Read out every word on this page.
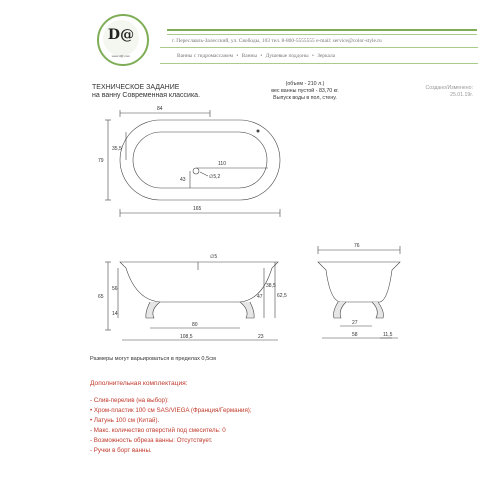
D@
www.d@.com
г. Переславль-Залесский, ул. Свободы, 103 тел. 8-800-5555555 e-mail: service@color-style.ru
Ванны с гидромассажем • Ванны • Душевые поддоны • Зеркала
ТЕХНИЧЕСКОЕ ЗАДАНИЕ
на ванну Современная классика.
(объем - 210 л.)
вес ванны пустой - 83,70 кг.
Выпуск воды в пол, стену.
Создано/Изменено:
25.01.19г.
84
79
35,5
110
43	∅5,2
165
∅5
65
56
14
38,5
47	62,5
80
108,5	23
76
27
58	11,5
Размеры могут варьироваться в пределах 0,5см
Дополнительная комплектация:
- Слив-перелив (на выбор):
• Хром-пластик 100 см SAS/VIEGA (Франция/Германия);
• Латунь 100 см (Китай).
- Макс. количество отверстий под смеситель: 0
- Возможность обреза ванны: Отсутствует.
- Ручки в борт ванны.
